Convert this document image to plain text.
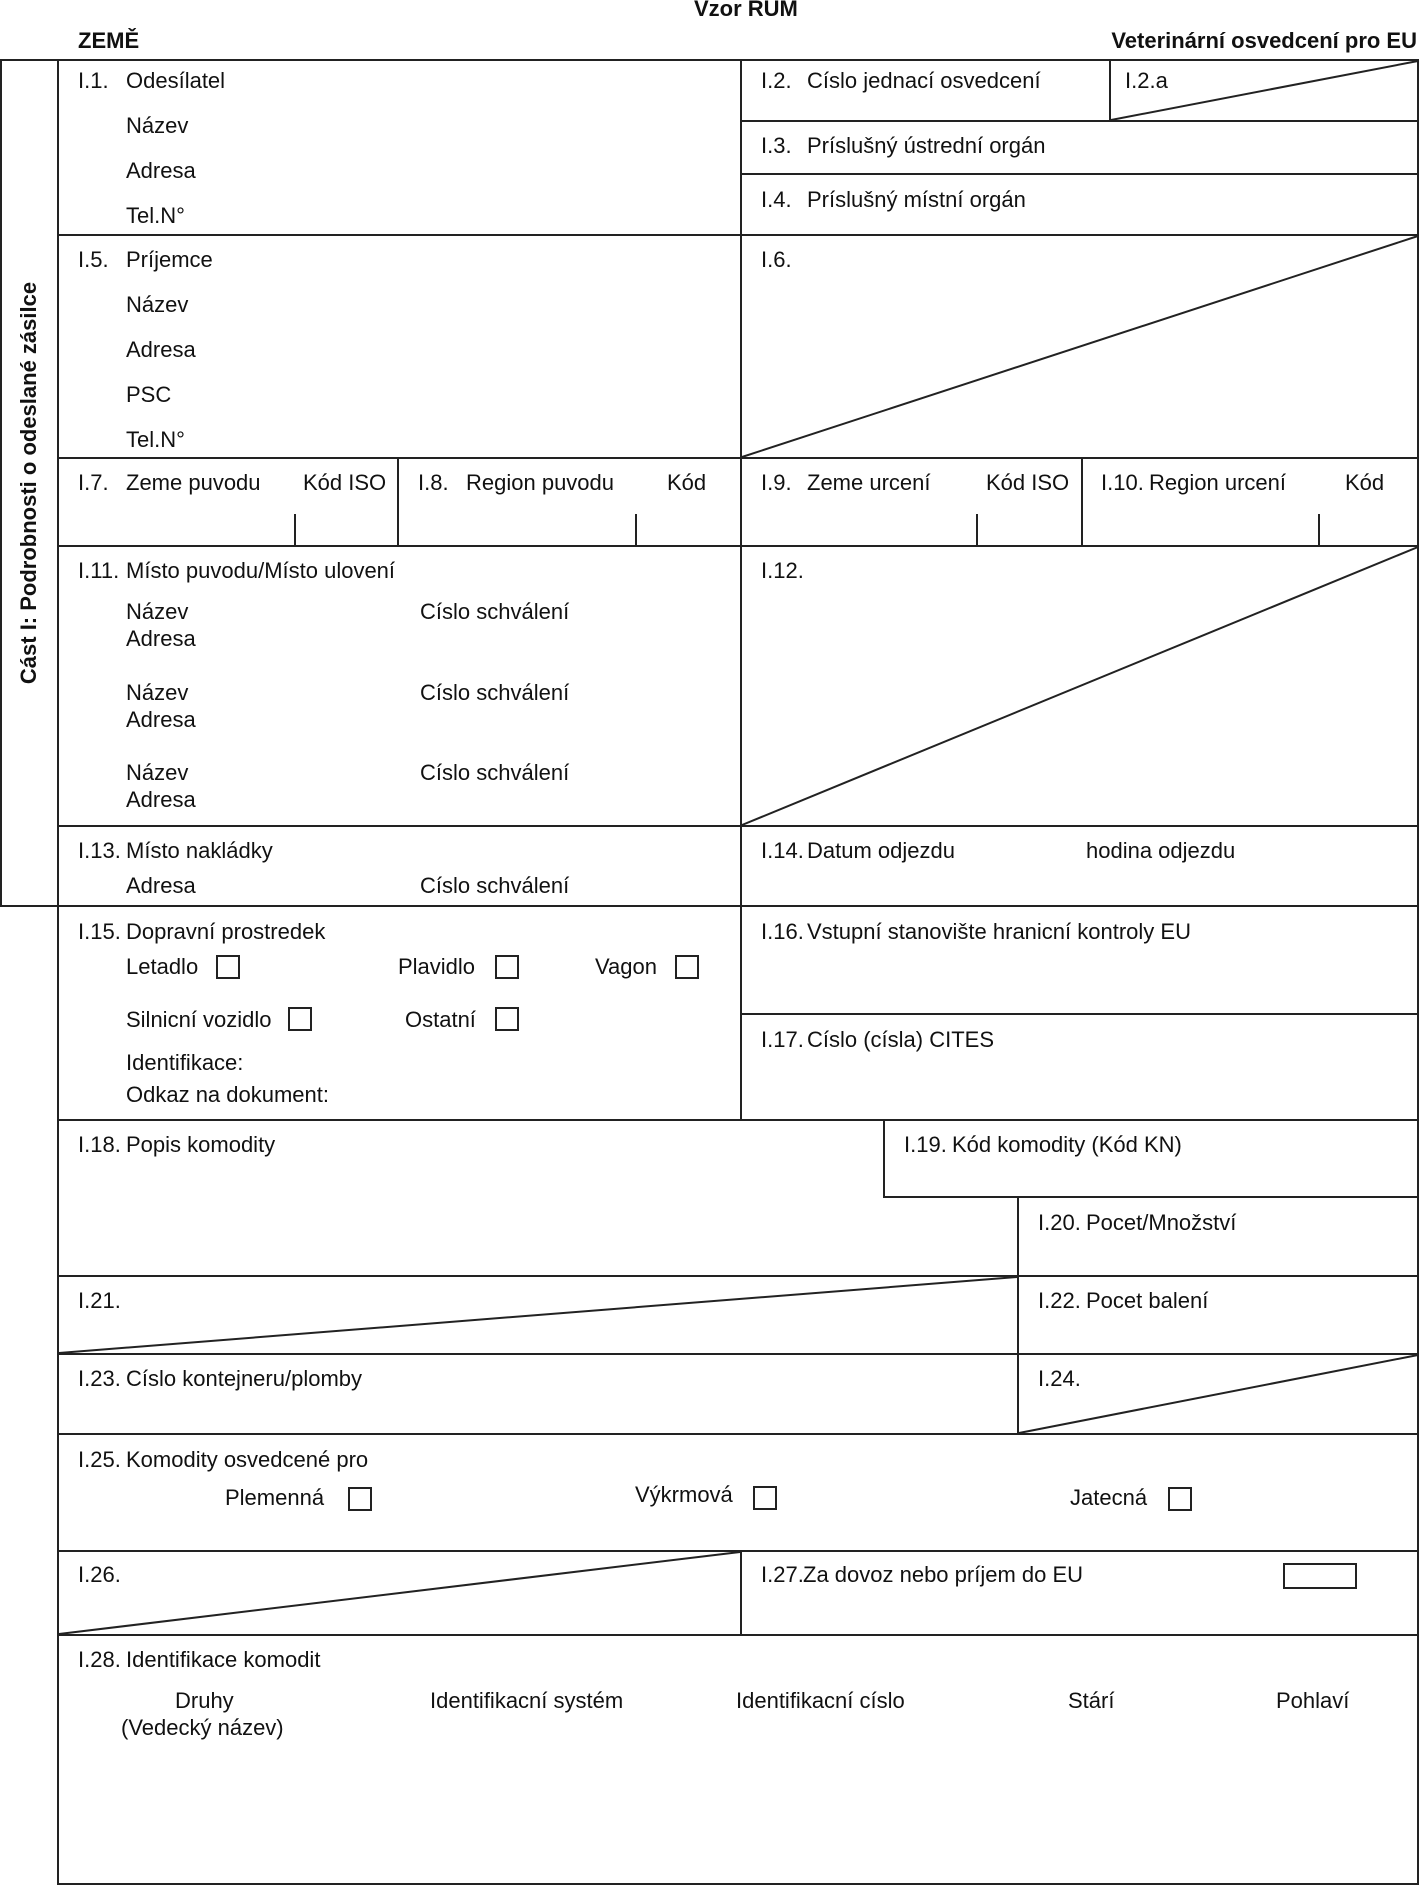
Vzor RUM
ZEMĚ	Veterinární osvedcení pro EU
Cást I: Podrobnosti o odeslané zásilce
I.1. Odesílatel
Název
Adresa
Tel.N°
I.2. Císlo jednací osvedcení	I.2.a
I.3. Príslušný ústrední orgán
I.4. Príslušný místní orgán
I.5. Príjemce
Název
Adresa
PSC
Tel.N°
I.6.
I.7. Zeme puvodu Kód ISO I.8. Region puvodu Kód I.9. Zeme urcení	Kód ISO I.10. Region urcení	Kód
I.11. Místo puvodu/Místo ulovení
Název	Císlo schválení
Adresa
Název	Císlo schválení
Adresa
Název	Císlo schválení
Adresa
I.12.
I.13. Místo nakládky
Adresa	Císlo schválení
I.14. Datum odjezdu	hodina odjezdu
I.15. Dopravní prostredek
Letadlo	Plavidlo	Vagon
Silnicní vozidlo	Ostatní
Identifikace:
Odkaz na dokument:
I.16. Vstupní stanovište hranicní kontroly EU
I.17. Císlo (císla) CITES
I.18. Popis komodity	I.19. Kód komodity (Kód KN)
I.20. Pocet/Množství
I.21.	I.22. Pocet balení
I.23. Císlo kontejneru/plomby	I.24.
I.25. Komodity osvedcené pro
Plemenná	Výkrmová	Jatecná
I.26.	I.27. Za dovoz nebo príjem do EU
I.28. Identifikace komodit
Druhy
(Vedecký název)
Identifikacní systém	Identifikacní císlo	Stárí	Pohlaví
